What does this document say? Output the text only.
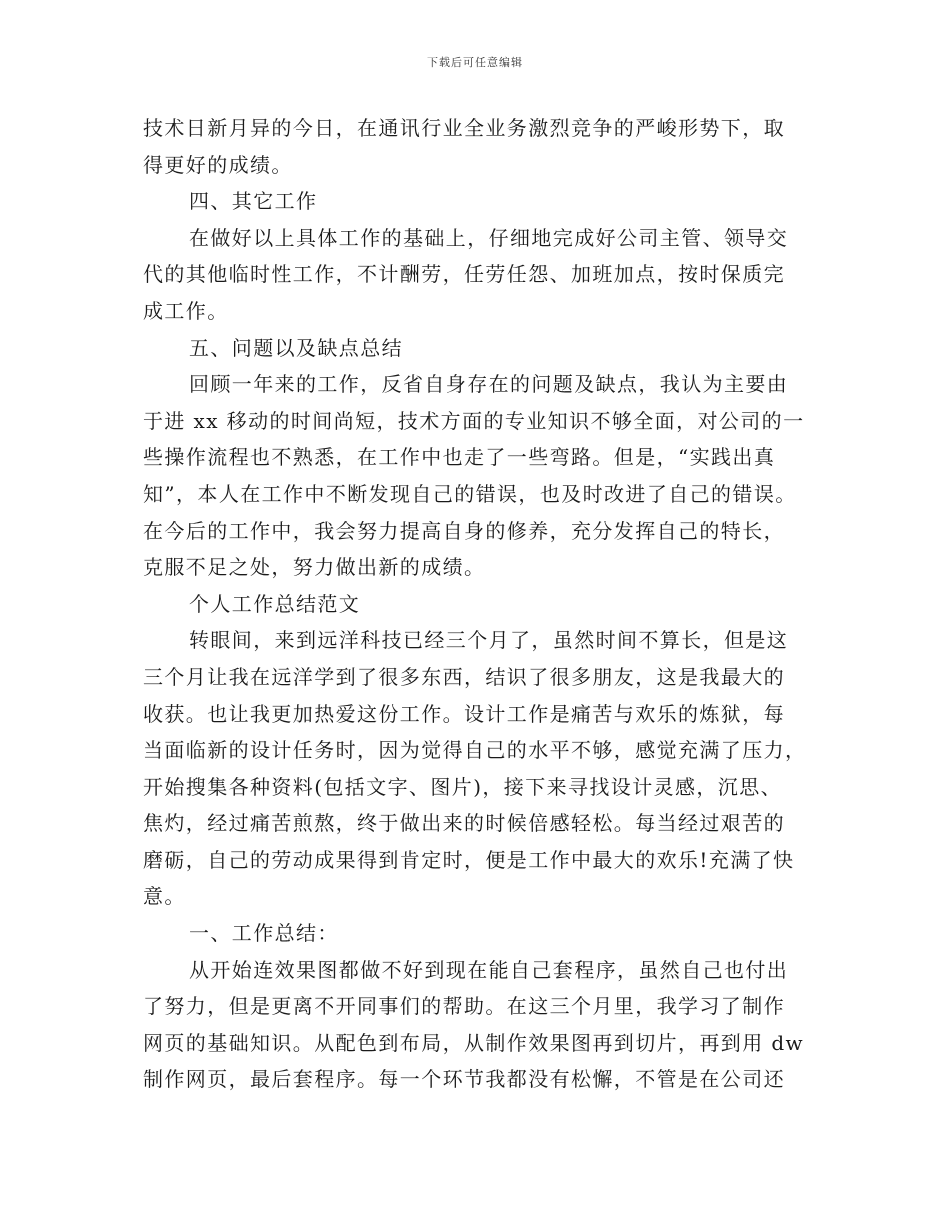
下载后可任意编辑
技术日新月异的今日，在通讯行业全业务激烈竞争的严峻形势下，取
得更好的成绩。
四、其它工作
在做好以上具体工作的基础上，仔细地完成好公司主管、领导交
代的其他临时性工作，不计酬劳，任劳任怨、加班加点，按时保质完
成工作。
五、问题以及缺点总结
回顾一年来的工作，反省自身存在的问题及缺点，我认为主要由
于进 xx 移动的时间尚短，技术方面的专业知识不够全面，对公司的一
些操作流程也不熟悉，在工作中也走了一些弯路。但是，“实践出真
知”，本人在工作中不断发现自己的错误，也及时改进了自己的错误。
在今后的工作中，我会努力提高自身的修养，充分发挥自己的特长，
克服不足之处，努力做出新的成绩。
个人工作总结范文
转眼间，来到远洋科技已经三个月了，虽然时间不算长，但是这
三个月让我在远洋学到了很多东西，结识了很多朋友，这是我最大的
收获。也让我更加热爱这份工作。设计工作是痛苦与欢乐的炼狱，每
当面临新的设计任务时，因为觉得自己的水平不够，感觉充满了压力，
开始搜集各种资料(包括文字、图片)，接下来寻找设计灵感，沉思、
焦灼，经过痛苦煎熬，终于做出来的时候倍感轻松。每当经过艰苦的
磨砺，自己的劳动成果得到肯定时，便是工作中最大的欢乐!充满了快
意。
一、工作总结：
从开始连效果图都做不好到现在能自己套程序，虽然自己也付出
了努力，但是更离不开同事们的帮助。在这三个月里，我学习了制作
网页的基础知识。从配色到布局，从制作效果图再到切片，再到用 dw
制作网页，最后套程序。每一个环节我都没有松懈，不管是在公司还
